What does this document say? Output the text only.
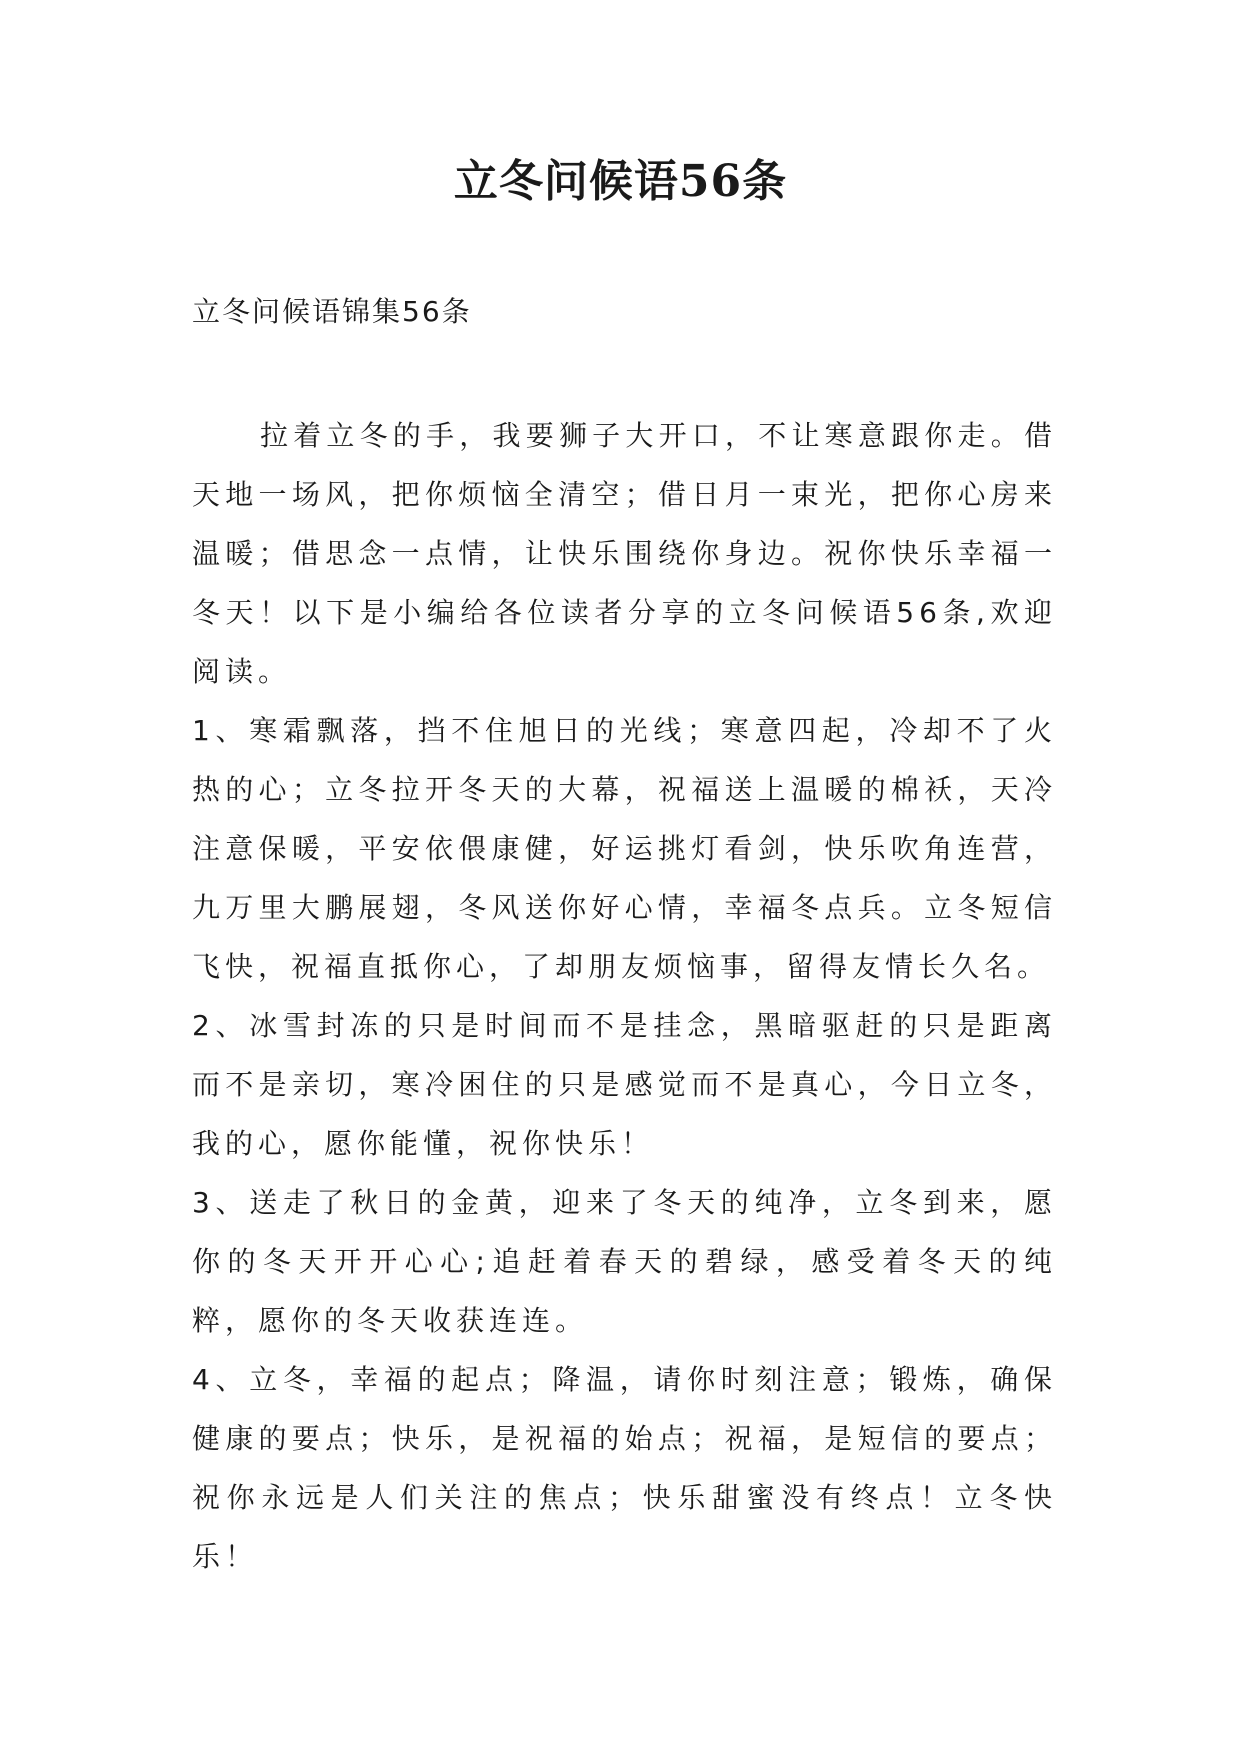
立冬问候语56条

立冬问候语锦集56条

拉着立冬的手，我要狮子大开口，不让寒意跟你走。借天地一场风，把你烦恼全清空；借日月一束光，把你心房来温暖；借思念一点情，让快乐围绕你身边。祝你快乐幸福一冬天！以下是小编给各位读者分享的立冬问候语56条,欢迎阅读。

1、寒霜飘落，挡不住旭日的光线；寒意四起，冷却不了火热的心；立冬拉开冬天的大幕，祝福送上温暖的棉袄，天冷注意保暖，平安依偎康健，好运挑灯看剑，快乐吹角连营，九万里大鹏展翅，冬风送你好心情，幸福冬点兵。立冬短信飞快，祝福直抵你心，了却朋友烦恼事，留得友情长久名。

2、冰雪封冻的只是时间而不是挂念，黑暗驱赶的只是距离而不是亲切，寒冷困住的只是感觉而不是真心，今日立冬，我的心，愿你能懂，祝你快乐！

3、送走了秋日的金黄，迎来了冬天的纯净，立冬到来，愿你的冬天开开心心;追赶着春天的碧绿，感受着冬天的纯粹，愿你的冬天收获连连。

4、立冬，幸福的起点；降温，请你时刻注意；锻炼，确保健康的要点；快乐，是祝福的始点；祝福，是短信的要点；祝你永远是人们关注的焦点；快乐甜蜜没有终点！立冬快乐！
